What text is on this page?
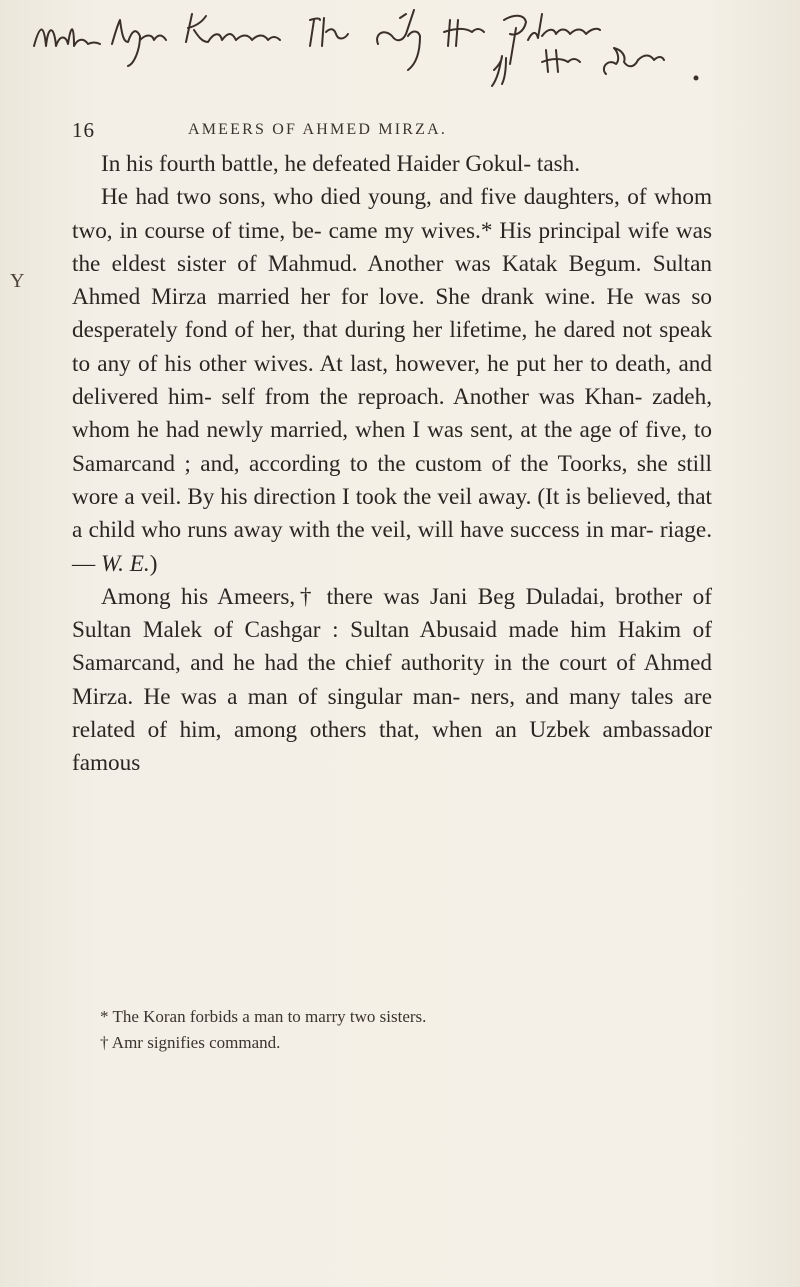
16	AMEERS OF AHMED MIRZA.
Y

In his fourth battle, he defeated Haider Gokul- tash.

He had two sons, who died young, and five daughters, of whom two, in course of time, be- came my wives.* His principal wife was the eldest sister of Mahmud. Another was Katak Begum. Sultan Ahmed Mirza married her for love. She drank wine. He was so desperately fond of her, that during her lifetime, he dared not speak to any of his other wives. At last, however, he put her to death, and delivered him- self from the reproach. Another was Khan- zadeh, whom he had newly married, when I was sent, at the age of five, to Samarcand ; and, according to the custom of the Toorks, she still wore a veil. By his direction I took the veil away. (It is believed, that a child who runs away with the veil, will have success in mar- riage.— W. E.)

Among his Ameers,† there was Jani Beg Duladai, brother of Sultan Malek of Cashgar : Sultan Abusaid made him Hakim of Samarcand, and he had the chief authority in the court of Ahmed Mirza. He was a man of singular man- ners, and many tales are related of him, among others that, when an Uzbek ambassador famous

* The Koran forbids a man to marry two sisters.

† Amr signifies command.
